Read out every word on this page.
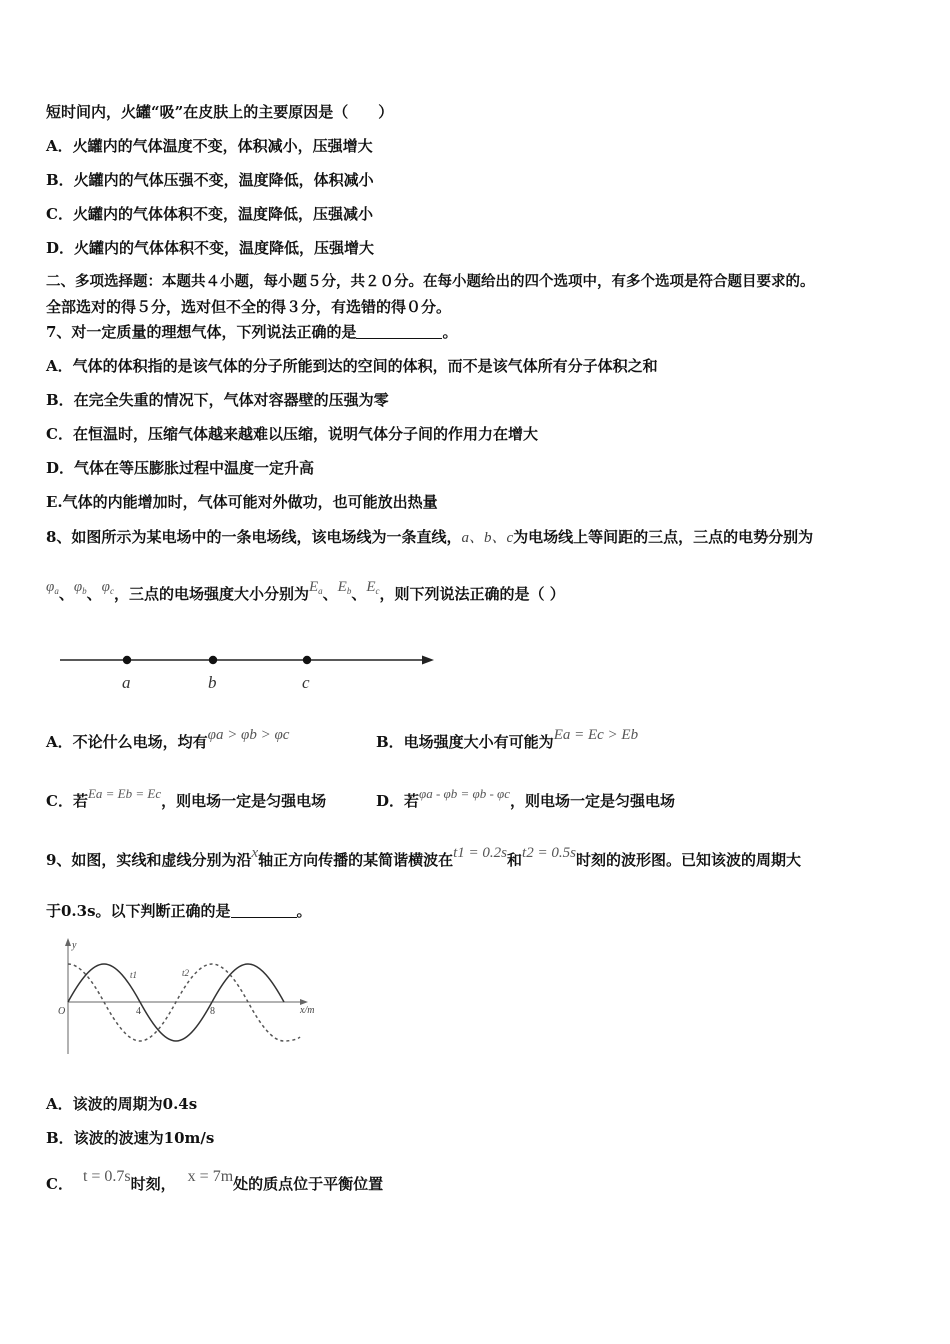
短时间内，火罐“吸”在皮肤上的主要原因是（　　）
A．火罐内的气体温度不变，体积减小，压强增大
B．火罐内的气体压强不变，温度降低，体积减小
C．火罐内的气体体积不变，温度降低，压强减小
D．火罐内的气体体积不变，温度降低，压强增大
二、多项选择题：本题共４小题，每小题５分，共２０分。在每小题给出的四个选项中，有多个选项是符合题目要求的。
全部选对的得５分，选对但不全的得３分，有选错的得０分。
7、对一定质量的理想气体，下列说法正确的是	。
A．气体的体积指的是该气体的分子所能到达的空间的体积，而不是该气体所有分子体积之和
B．在完全失重的情况下，气体对容器壁的压强为零
C．在恒温时，压缩气体越来越难以压缩，说明气体分子间的作用力在增大
D．气体在等压膨胀过程中温度一定升高
E.气体的内能增加时，气体可能对外做功，也可能放出热量
8、如图所示为某电场中的一条电场线，该电场线为一条直线，a、b、c为电场线上等间距的三点，三点的电势分别为
$\varphi_a$、$\varphi_b$、$\varphi_c$，三点的电场强度大小分别为$E_a$、$E_b$、$E_c$，则下列说法正确的是（ ）
a	b	c
A．不论什么电场，均有φa > φb > φc	B．电场强度大小有可能为Ea = Ec > Eb
C．若Ea = Eb = Ec，则电场一定是匀强电场	D．若φa - φb = φb - φc，则电场一定是匀强电场
9、如图，实线和虚线分别为沿x轴正方向传播的某简谐横波在t1 = 0.2s和t2 = 0.5s时刻的波形图。已知该波的周期大
于0.3s。以下判断正确的是	。
y
O	4	8	x/m
t1	t2
A．该波的周期为0.4s
B．该波的波速为10m/s
C． t = 0.7s时刻， x = 7m处的质点位于平衡位置
